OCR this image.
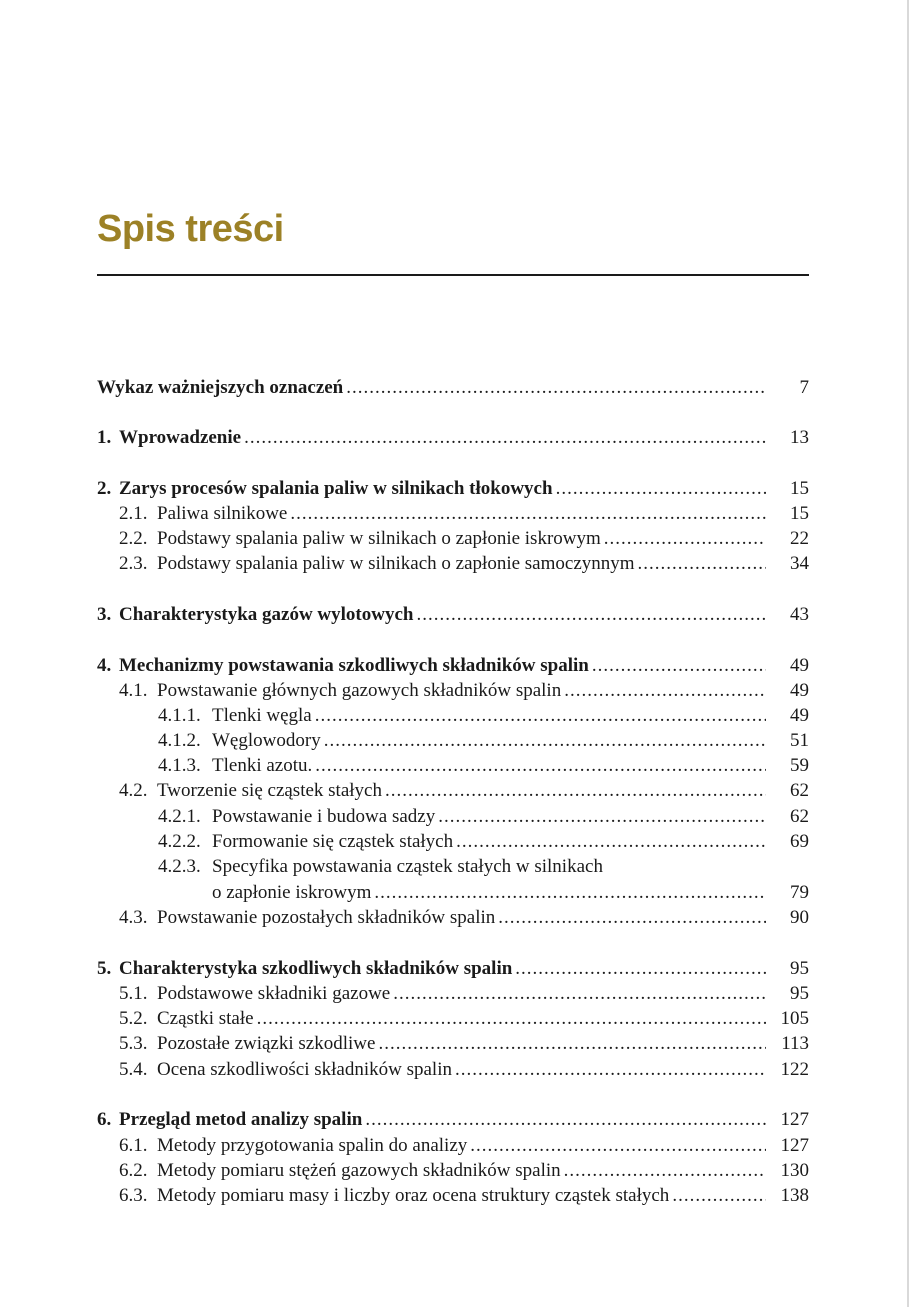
Spis treści
Wykaz ważniejszych oznaczeń .....	7
1. Wprowadzenie .....	13
2. Zarys procesów spalania paliw w silnikach tłokowych .....	15
2.1. Paliwa silnikowe .....	15
2.2. Podstawy spalania paliw w silnikach o zapłonie iskrowym .....	22
2.3. Podstawy spalania paliw w silnikach o zapłonie samoczynnym .....	34
3. Charakterystyka gazów wylotowych .....	43
4. Mechanizmy powstawania szkodliwych składników spalin .....	49
4.1. Powstawanie głównych gazowych składników spalin .....	49
4.1.1. Tlenki węgla .....	49
4.1.2. Węglowodory .....	51
4.1.3. Tlenki azotu. .....	59
4.2. Tworzenie się cząstek stałych .....	62
4.2.1. Powstawanie i budowa sadzy .....	62
4.2.2. Formowanie się cząstek stałych .....	69
4.2.3. Specyfika powstawania cząstek stałych w silnikach
o zapłonie iskrowym .....	79
4.3. Powstawanie pozostałych składników spalin .....	90
5. Charakterystyka szkodliwych składników spalin .....	95
5.1. Podstawowe składniki gazowe .....	95
5.2. Cząstki stałe .....	105
5.3. Pozostałe związki szkodliwe .....	113
5.4. Ocena szkodliwości składników spalin .....	122
6. Przegląd metod analizy spalin .....	127
6.1. Metody przygotowania spalin do analizy .....	127
6.2. Metody pomiaru stężeń gazowych składników spalin .....	130
6.3. Metody pomiaru masy i liczby oraz ocena struktury cząstek stałych .....	138
